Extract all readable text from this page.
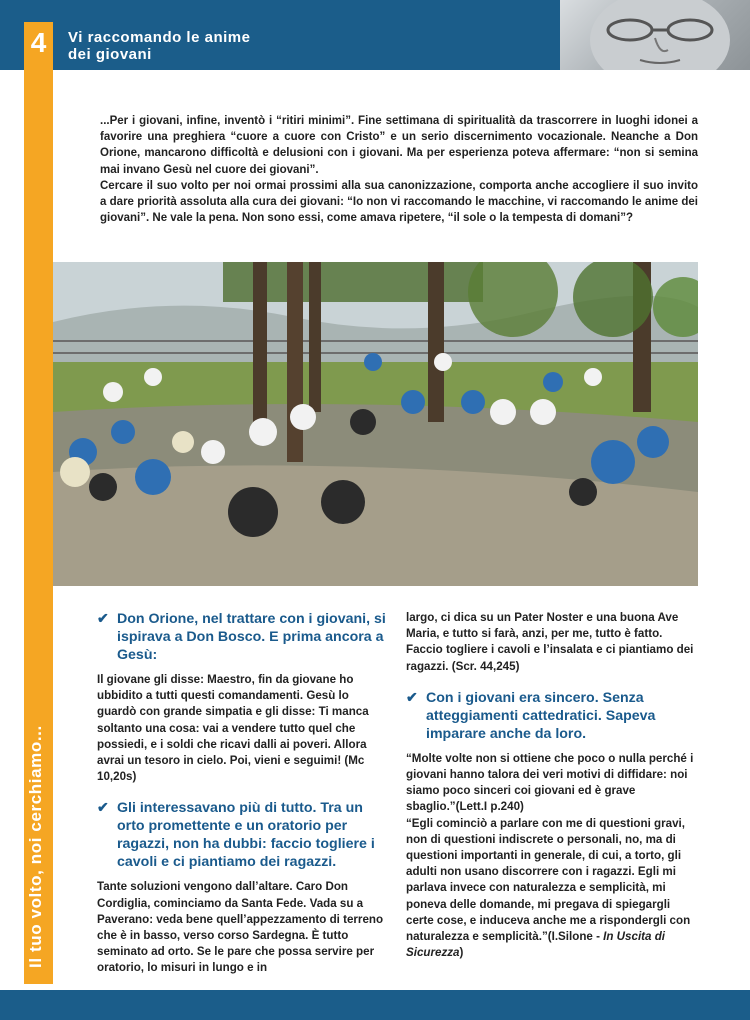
4	Vi raccomando le anime
dei giovani
Il tuo volto, noi cerchiamo...

...Per i giovani, infine, inventò i “ritiri minimi”. Fine settimana di spiritualità da trascorrere in luoghi idonei a favorire una preghiera “cuore a cuore con Cristo” e un serio discernimento vocazionale. Neanche a Don Orione, mancarono difficoltà e delusioni con i giovani. Ma per esperienza poteva affermare: “non si semina mai invano Gesù nel cuore dei giovani”.

Cercare il suo volto per noi ormai prossimi alla sua canonizzazione, comporta anche accogliere il suo invito a dare priorità assoluta alla cura dei giovani: “Io non vi raccomando le macchine, vi raccomando le anime dei giovani”. Ne vale la pena. Non sono essi, come amava ripetere, “il sole o la tempesta di domani”?

✔ Don Orione, nel trattare con i giovani, si ispirava a Don Bosco. E prima ancora a Gesù:

Il giovane gli disse: Maestro, fin da giovane ho ubbidito a tutti questi comandamenti. Gesù lo guardò con grande simpatia e gli disse: Ti manca soltanto una cosa: vai a vendere tutto quel che possiedi, e i soldi che ricavi dalli ai poveri. Allora avrai un tesoro in cielo. Poi, vieni e seguimi! (Mc 10,20s)

✔ Gli interessavano più di tutto. Tra un orto promettente e un oratorio per ragazzi, non ha dubbi: faccio togliere i cavoli e ci piantiamo dei ragazzi.

Tante soluzioni vengono dall’altare. Caro Don Cordiglia, cominciamo da Santa Fede. Vada su a Paverano: veda bene quell’appezzamento di terreno che è in basso, verso corso Sardegna. È tutto seminato ad orto. Se le pare che possa servire per oratorio, lo misuri in lungo e in

largo, ci dica su un Pater Noster e una buona Ave Maria, e tutto si farà, anzi, per me, tutto è fatto. Faccio togliere i cavoli e l’insalata e ci piantiamo dei ragazzi. (Scr. 44,245)

✔ Con i giovani era sincero. Senza atteggiamenti cattedratici. Sapeva imparare anche da loro.

“Molte volte non si ottiene che poco o nulla perché i giovani hanno talora dei veri motivi di diffidare: noi siamo poco sinceri coi giovani ed è grave sbaglio.”(Lett.I p.240)

“Egli cominciò a parlare con me di questioni gravi, non di questioni indiscrete o personali, no, ma di questioni importanti in generale, di cui, a torto, gli adulti non usano discorrere con i ragazzi. Egli mi parlava invece con naturalezza e semplicità, mi poneva delle domande, mi pregava di spiegargli certe cose, e induceva anche me a rispondergli con naturalezza e semplicità.”(I.Silone - In Uscita di Sicurezza)
